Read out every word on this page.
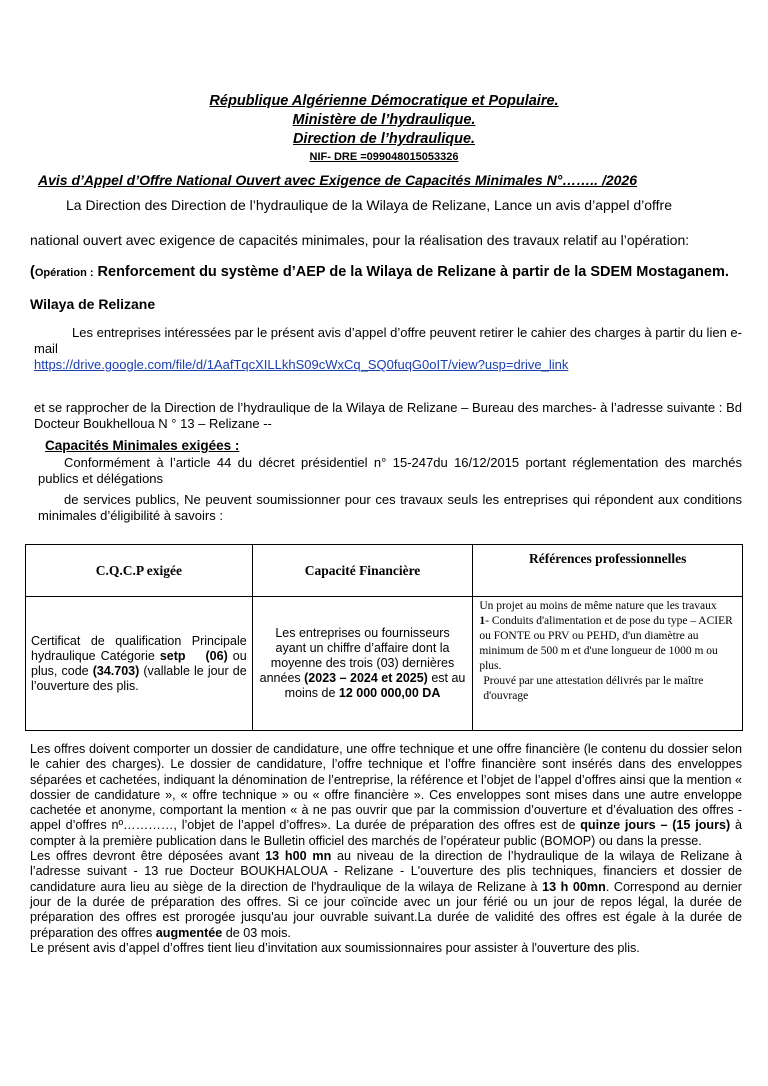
République Algérienne Démocratique et Populaire.
Ministère de l’hydraulique.
Direction de l’hydraulique.
NIF- DRE =099048015053326
Avis d’Appel d’Offre National Ouvert avec Exigence de Capacités Minimales N°…….. /2026
La Direction des Direction de l’hydraulique de la Wilaya de Relizane, Lance un avis d’appel d’offre
national ouvert avec exigence de capacités minimales, pour la réalisation des travaux relatif au l’opération:
(Opération : Renforcement du système d’AEP de la Wilaya de Relizane à partir de la SDEM Mostaganem.
Wilaya de Relizane
Les entreprises intéressées par le présent avis d’appel d’offre peuvent retirer le cahier des charges à partir du lien e-mail
https://drive.google.com/file/d/1AafTqcXILLkhS09cWxCq_SQ0fuqG0oIT/view?usp=drive_link
et se rapprocher de la Direction de l’hydraulique de la Wilaya de Relizane – Bureau des marches- à l’adresse suivante : Bd Docteur Boukhelloua N ° 13 – Relizane --
Capacités Minimales exigées :
Conformément à l’article 44 du décret présidentiel n° 15-247du 16/12/2015 portant réglementation des marchés publics et délégations
de services publics, Ne peuvent soumissionner pour ces travaux seuls les entreprises qui répondent aux conditions minimales d’éligibilité à savoirs :
C.Q.C.P exigée	Capacité Financière	Références professionnelles
Certificat de qualification Principale hydraulique Catégorie setp (06) ou plus, code (34.703) (vallable le jour de l’ouverture des plis.	Les entreprises ou fournisseurs ayant un chiffre d’affaire dont la moyenne des trois (03) dernières années (2023 – 2024 et 2025) est au moins de 12 000 000,00 DA	Un projet au moins de même nature que les travaux
1- Conduits d'alimentation et de pose du type – ACIER ou FONTE ou PRV ou PEHD, d'un diamètre au minimum de 500 m et d'une longueur de 1000 m ou plus.
Prouvé par une attestation délivrés par le maître d'ouvrage

Les offres doivent comporter un dossier de candidature, une offre technique et une offre financière (le contenu du dossier selon le cahier des charges). Le dossier de candidature, l’offre technique et l’offre financière sont insérés dans des enveloppes séparées et cachetées, indiquant la dénomination de l’entreprise, la référence et l’objet de l’appel d’offres ainsi que la mention « dossier de candidature », « offre technique » ou « offre financière ». Ces enveloppes sont mises dans une autre enveloppe cachetée et anonyme, comportant la mention « à ne pas ouvrir que par la commission d’ouverture et d’évaluation des offres - appel d’offres nº…………, l’objet de l’appel d’offres». La durée de préparation des offres est de quinze jours – (15 jours) à compter à la première publication dans le Bulletin officiel des marchés de l’opérateur public (BOMOP) ou dans la presse.

Les offres devront être déposées avant 13 h00 mn au niveau de la direction de l’hydraulique de la wilaya de Relizane à l’adresse suivant - 13 rue Docteur BOUKHALOUA - Relizane - L'ouverture des plis techniques, financiers et dossier de candidature aura lieu au siège de la direction de l'hydraulique de la wilaya de Relizane à 13 h 00mn. Correspond au dernier jour de la durée de préparation des offres. Si ce jour coïncide avec un jour férié ou un jour de repos légal, la durée de préparation des offres est prorogée jusqu'au jour ouvrable suivant.La durée de validité des offres est égale à la durée de préparation des offres augmentée de 03 mois.

Le présent avis d’appel d’offres tient lieu d’invitation aux soumissionnaires pour assister à l'ouverture des plis.
